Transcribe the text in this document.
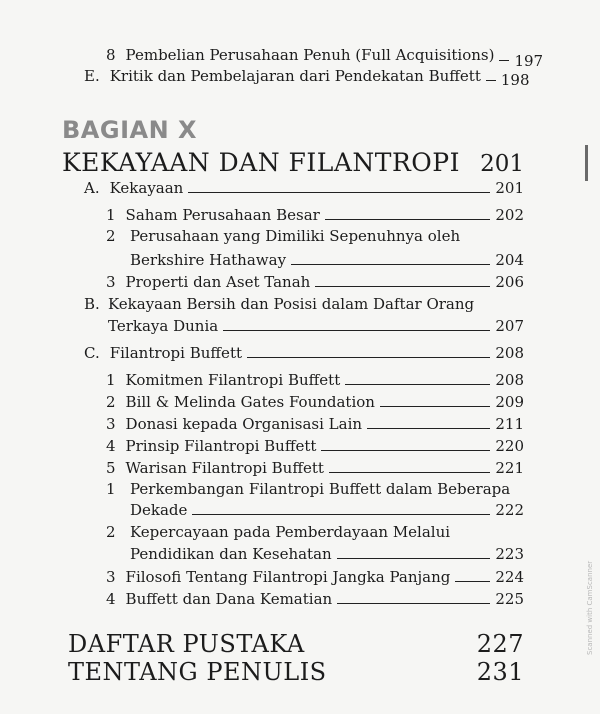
8 Pembelian Perusahaan Penuh (Full Acquisitions) 197
E. Kritik dan Pembelajaran dari Pendekatan Buffett 198
BAGIAN X
KEKAYAAN DAN FILANTROPI 201
A. Kekayaan	201
1 Saham Perusahaan Besar	202
2 Perusahaan yang Dimiliki Sepenuhnya oleh
Berkshire Hathaway	204
3 Properti dan Aset Tanah	206
B. Kekayaan Bersih dan Posisi dalam Daftar Orang
Terkaya Dunia	207
C. Filantropi Buffett	208
1 Komitmen Filantropi Buffett	208
2 Bill & Melinda Gates Foundation	209
3 Donasi kepada Organisasi Lain	211
4 Prinsip Filantropi Buffett	220
5 Warisan Filantropi Buffett	221
1 Perkembangan Filantropi Buffett dalam Beberapa
Dekade	222
2 Kepercayaan pada Pemberdayaan Melalui
Pendidikan dan Kesehatan	223
3 Filosofi Tentang Filantropi Jangka Panjang	224
4 Buffett dan Dana Kematian	225
DAFTAR PUSTAKA	227
TENTANG PENULIS	231
Scanned with CamScanner
